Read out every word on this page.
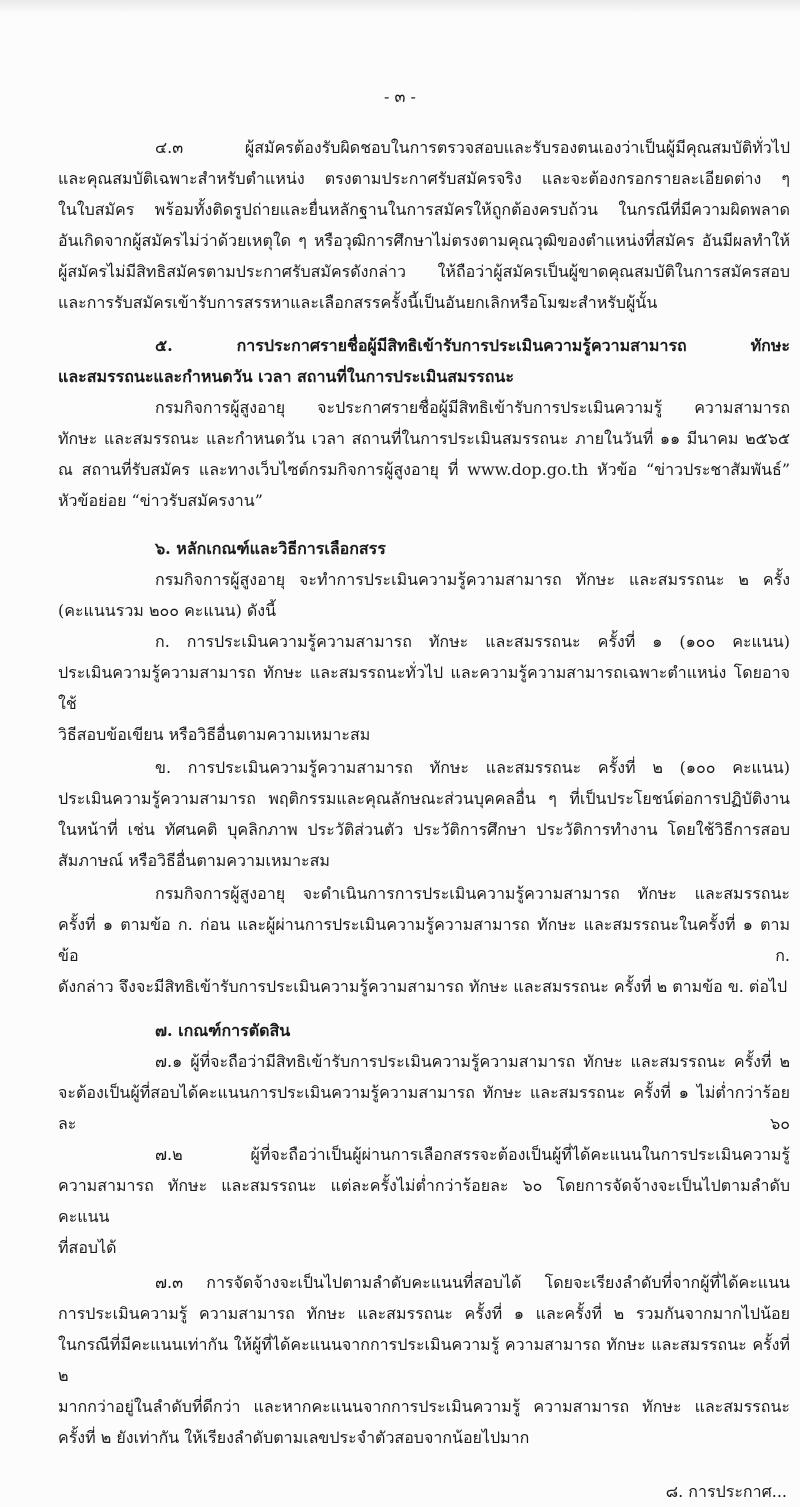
- ๓ -
๔.๓ ผู้สมัครต้องรับผิดชอบในการตรวจสอบและรับรองตนเองว่าเป็นผู้มีคุณสมบัติทั่วไป
และคุณสมบัติเฉพาะสำหรับตำแหน่ง ตรงตามประกาศรับสมัครจริง และจะต้องกรอกรายละเอียดต่าง ๆ
ในใบสมัคร พร้อมทั้งติดรูปถ่ายและยื่นหลักฐานในการสมัครให้ถูกต้องครบถ้วน ในกรณีที่มีความผิดพลาด
อันเกิดจากผู้สมัครไม่ว่าด้วยเหตุใด ๆ หรือวุฒิการศึกษาไม่ตรงตามคุณวุฒิของตำแหน่งที่สมัคร อันมีผลทำให้
ผู้สมัครไม่มีสิทธิสมัครตามประกาศรับสมัครดังกล่าว ให้ถือว่าผู้สมัครเป็นผู้ขาดคุณสมบัติในการสมัครสอบ
และการรับสมัครเข้ารับการสรรหาและเลือกสรรครั้งนี้เป็นอันยกเลิกหรือโมฆะสำหรับผู้นั้น
๕. การประกาศรายชื่อผู้มีสิทธิเข้ารับการประเมินความรู้ความสามารถ ทักษะ
และสมรรถนะและกำหนดวัน เวลา สถานที่ในการประเมินสมรรถนะ
กรมกิจการผู้สูงอายุ จะประกาศรายชื่อผู้มีสิทธิเข้ารับการประเมินความรู้ ความสามารถ
ทักษะ และสมรรถนะ และกำหนดวัน เวลา สถานที่ในการประเมินสมรรถนะ ภายในวันที่ ๑๑ มีนาคม ๒๕๖๕
ณ สถานที่รับสมัคร และทางเว็บไซต์กรมกิจการผู้สูงอายุ ที่ www.dop.go.th หัวข้อ “ข่าวประชาสัมพันธ์”
หัวข้อย่อย “ข่าวรับสมัครงาน”
๖. หลักเกณฑ์และวิธีการเลือกสรร
กรมกิจการผู้สูงอายุ จะทำการประเมินความรู้ความสามารถ ทักษะ และสมรรถนะ ๒ ครั้ง
(คะแนนรวม ๒๐๐ คะแนน) ดังนี้
ก. การประเมินความรู้ความสามารถ ทักษะ และสมรรถนะ ครั้งที่ ๑ (๑๐๐ คะแนน)
ประเมินความรู้ความสามารถ ทักษะ และสมรรถนะทั่วไป และความรู้ความสามารถเฉพาะตำแหน่ง โดยอาจใช้
วิธีสอบข้อเขียน หรือวิธีอื่นตามความเหมาะสม
ข. การประเมินความรู้ความสามารถ ทักษะ และสมรรถนะ ครั้งที่ ๒ (๑๐๐ คะแนน)
ประเมินความรู้ความสามารถ พฤติกรรมและคุณลักษณะส่วนบุคคลอื่น ๆ ที่เป็นประโยชน์ต่อการปฏิบัติงาน
ในหน้าที่ เช่น ทัศนคติ บุคลิกภาพ ประวัติส่วนตัว ประวัติการศึกษา ประวัติการทำงาน โดยใช้วิธีการสอบ
สัมภาษณ์ หรือวิธีอื่นตามความเหมาะสม
กรมกิจการผู้สูงอายุ จะดำเนินการการประเมินความรู้ความสามารถ ทักษะ และสมรรถนะ
ครั้งที่ ๑ ตามข้อ ก. ก่อน และผู้ผ่านการประเมินความรู้ความสามารถ ทักษะ และสมรรถนะในครั้งที่ ๑ ตามข้อ ก.
ดังกล่าว จึงจะมีสิทธิเข้ารับการประเมินความรู้ความสามารถ ทักษะ และสมรรถนะ ครั้งที่ ๒ ตามข้อ ข. ต่อไป
๗. เกณฑ์การตัดสิน
๗.๑ ผู้ที่จะถือว่ามีสิทธิเข้ารับการประเมินความรู้ความสามารถ ทักษะ และสมรรถนะ ครั้งที่ ๒
จะต้องเป็นผู้ที่สอบได้คะแนนการประเมินความรู้ความสามารถ ทักษะ และสมรรถนะ ครั้งที่ ๑ ไม่ต่ำกว่าร้อยละ ๖๐
๗.๒ ผู้ที่จะถือว่าเป็นผู้ผ่านการเลือกสรรจะต้องเป็นผู้ที่ได้คะแนนในการประเมินความรู้
ความสามารถ ทักษะ และสมรรถนะ แต่ละครั้งไม่ต่ำกว่าร้อยละ ๖๐ โดยการจัดจ้างจะเป็นไปตามลำดับคะแนน
ที่สอบได้
๗.๓ การจัดจ้างจะเป็นไปตามลำดับคะแนนที่สอบได้ โดยจะเรียงลำดับที่จากผู้ที่ได้คะแนน
การประเมินความรู้ ความสามารถ ทักษะ และสมรรถนะ ครั้งที่ ๑ และครั้งที่ ๒ รวมกันจากมากไปน้อย
ในกรณีที่มีคะแนนเท่ากัน ให้ผู้ที่ได้คะแนนจากการประเมินความรู้ ความสามารถ ทักษะ และสมรรถนะ ครั้งที่ ๒
มากกว่าอยู่ในลำดับที่ดีกว่า และหากคะแนนจากการประเมินความรู้ ความสามารถ ทักษะ และสมรรถนะ
ครั้งที่ ๒ ยังเท่ากัน ให้เรียงลำดับตามเลขประจำตัวสอบจากน้อยไปมาก
๘. การประกาศ...
